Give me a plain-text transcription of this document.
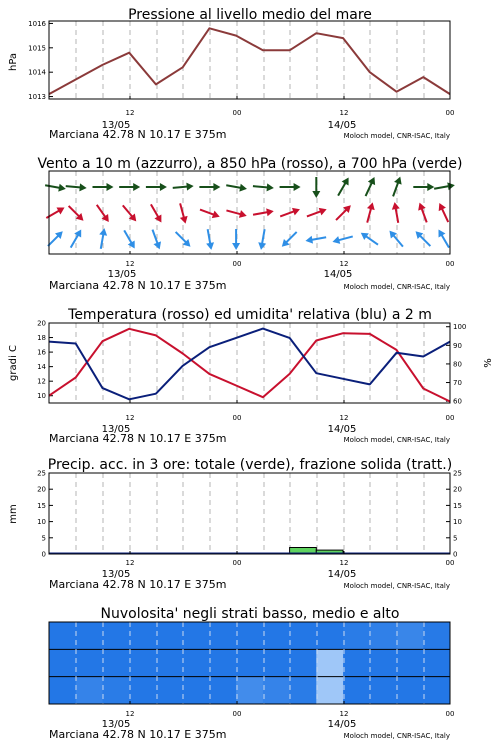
Pressione al livello medio del mare
hPa
1013
1014
1015
1016
12	00	12	00
13/05	14/05
Marciana 42.78 N 10.17 E 375m	Moloch model, CNR-ISAC, Italy
Vento a 10 m (azzurro), a 850 hPa (rosso), a 700 hPa (verde)
12	00	12	00
13/05	14/05
Marciana 42.78 N 10.17 E 375m	Moloch model, CNR-ISAC, Italy
Temperatura (rosso) ed umidita' relativa (blu) a 2 m
gradi C	%
10
12
14
16
18
20
60
70
80
90
100
12	00	12	00
13/05	14/05
Marciana 42.78 N 10.17 E 375m	Moloch model, CNR-ISAC, Italy
Precip. acc. in 3 ore: totale (verde), frazione solida (tratt.)
mm
0	0
5	5
10	10
15	15
20	20
25	25
12	00	12	00
13/05	14/05
Marciana 42.78 N 10.17 E 375m	Moloch model, CNR-ISAC, Italy
Nuvolosita' negli strati basso, medio e alto
12	00	12	00
13/05	14/05
Marciana 42.78 N 10.17 E 375m	Moloch model, CNR-ISAC, Italy
